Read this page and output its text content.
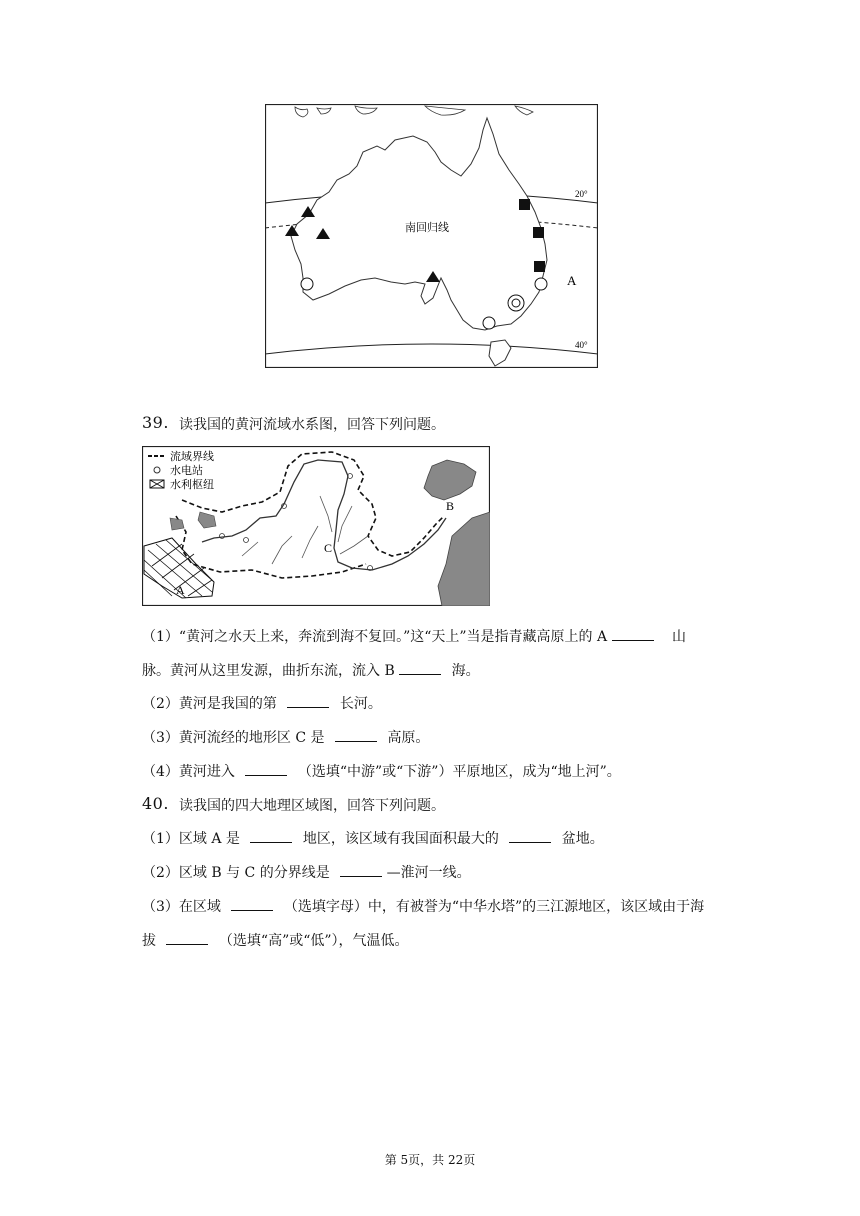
南回归线
20°
40°
A
39. 读我国的黄河流域水系图，回答下列问题。
流域界线
水电站
水利枢纽
A
B
C
（1）“黄河之水天上来，奔流到海不复回。”这“天上”当是指青藏高原上的 A	山
脉。黄河从这里发源，曲折东流，流入 B	海。
（2）黄河是我国的第	长河。
（3）黄河流经的地形区 C 是	高原。
（4）黄河进入	（选填“中游”或“下游”）平原地区，成为“地上河”。
40. 读我国的四大地理区域图，回答下列问题。
（1）区域 A 是	地区，该区域有我国面积最大的	盆地。
（2）区域 B 与 C 的分界线是	—淮河一线。
（3）在区域	（选填字母）中，有被誉为“中华水塔”的三江源地区，该区域由于海
拔	（选填“高”或“低”），气温低。
第 5页，共 22页
